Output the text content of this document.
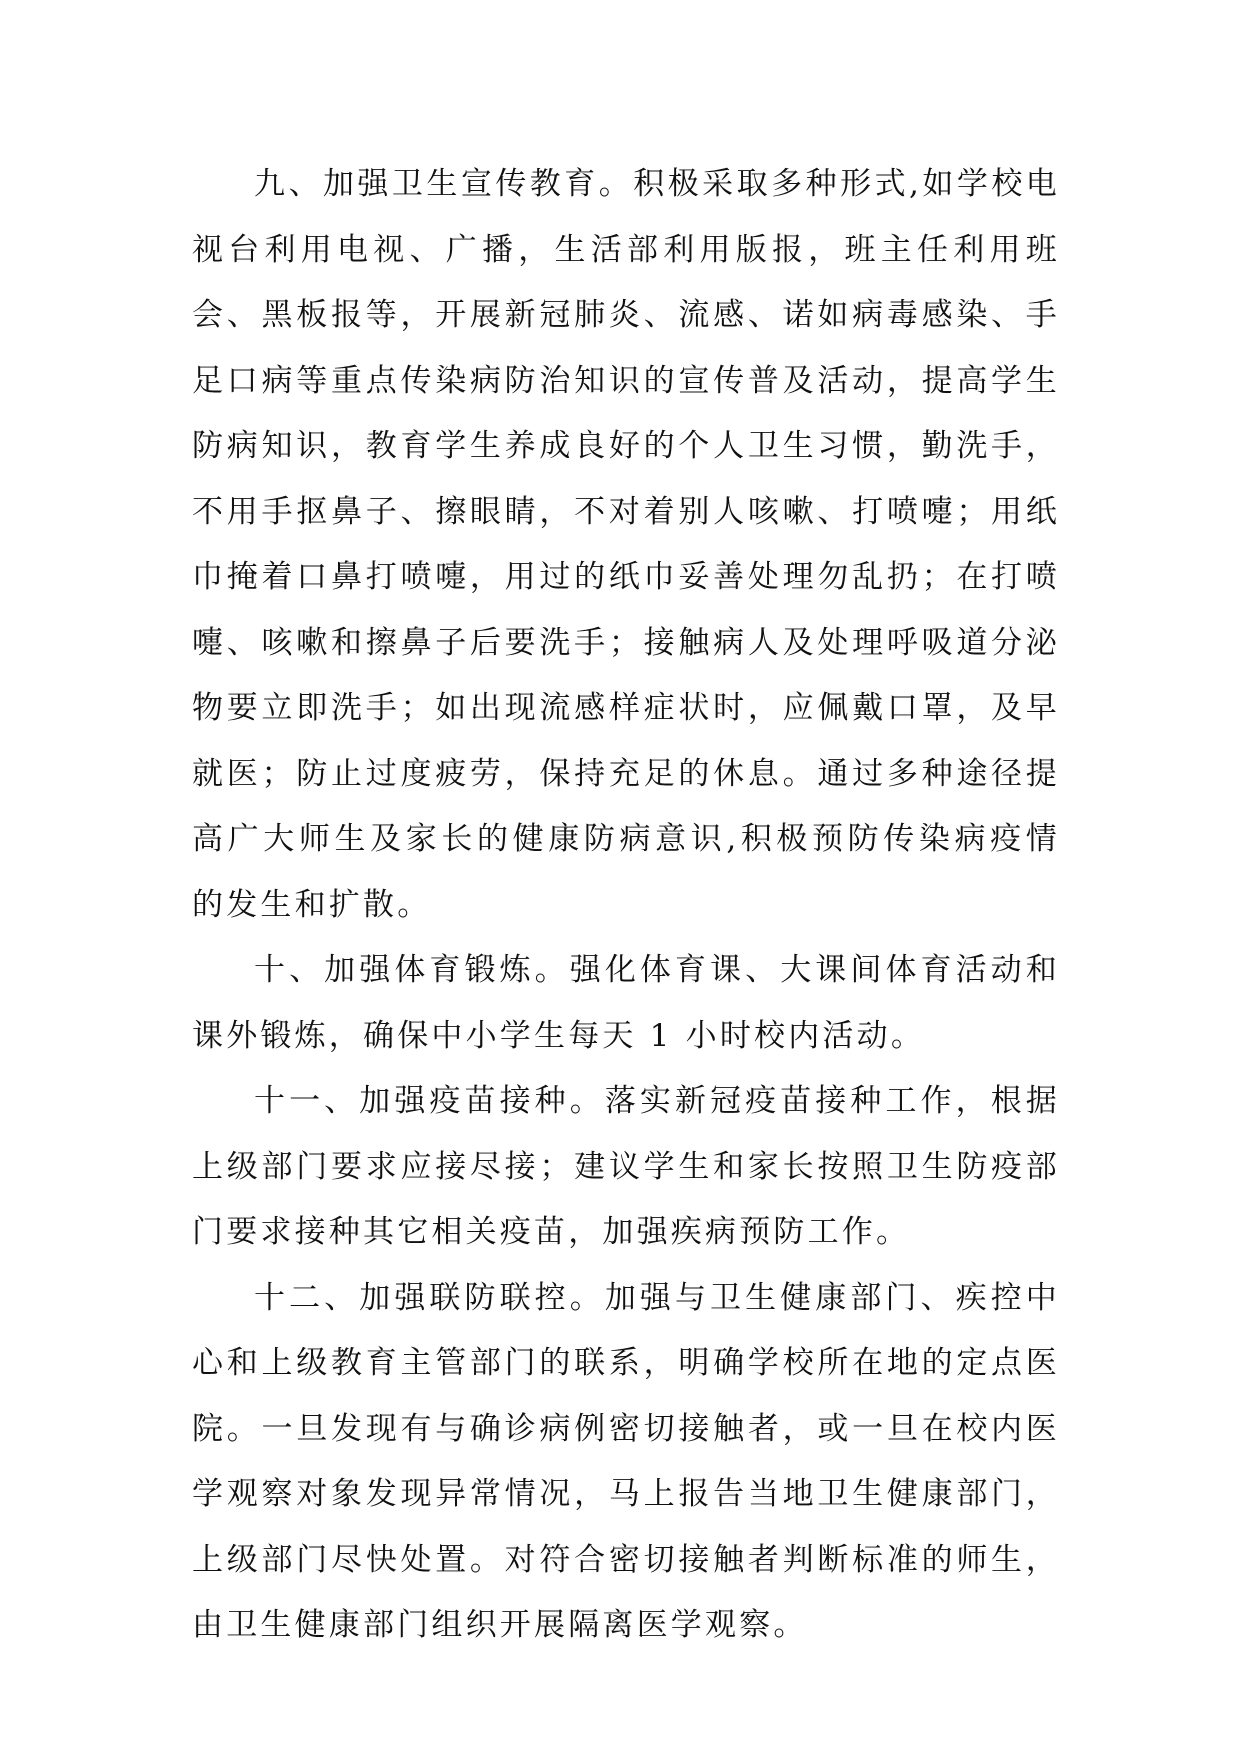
九、加强卫生宣传教育。积极采取多种形式,如学校电视台利用电视、广播，生活部利用版报，班主任利用班会、黑板报等，开展新冠肺炎、流感、诺如病毒感染、手足口病等重点传染病防治知识的宣传普及活动，提高学生防病知识，教育学生养成良好的个人卫生习惯，勤洗手，不用手抠鼻子、擦眼睛，不对着别人咳嗽、打喷嚏；用纸巾掩着口鼻打喷嚏，用过的纸巾妥善处理勿乱扔；在打喷嚏、咳嗽和擦鼻子后要洗手；接触病人及处理呼吸道分泌物要立即洗手；如出现流感样症状时，应佩戴口罩，及早就医；防止过度疲劳，保持充足的休息。通过多种途径提高广大师生及家长的健康防病意识,积极预防传染病疫情的发生和扩散。

十、加强体育锻炼。强化体育课、大课间体育活动和课外锻炼，确保中小学生每天 1 小时校内活动。

十一、加强疫苗接种。落实新冠疫苗接种工作，根据上级部门要求应接尽接；建议学生和家长按照卫生防疫部门要求接种其它相关疫苗，加强疾病预防工作。

十二、加强联防联控。加强与卫生健康部门、疾控中心和上级教育主管部门的联系，明确学校所在地的定点医院。一旦发现有与确诊病例密切接触者，或一旦在校内医学观察对象发现异常情况，马上报告当地卫生健康部门，上级部门尽快处置。对符合密切接触者判断标准的师生，由卫生健康部门组织开展隔离医学观察。
